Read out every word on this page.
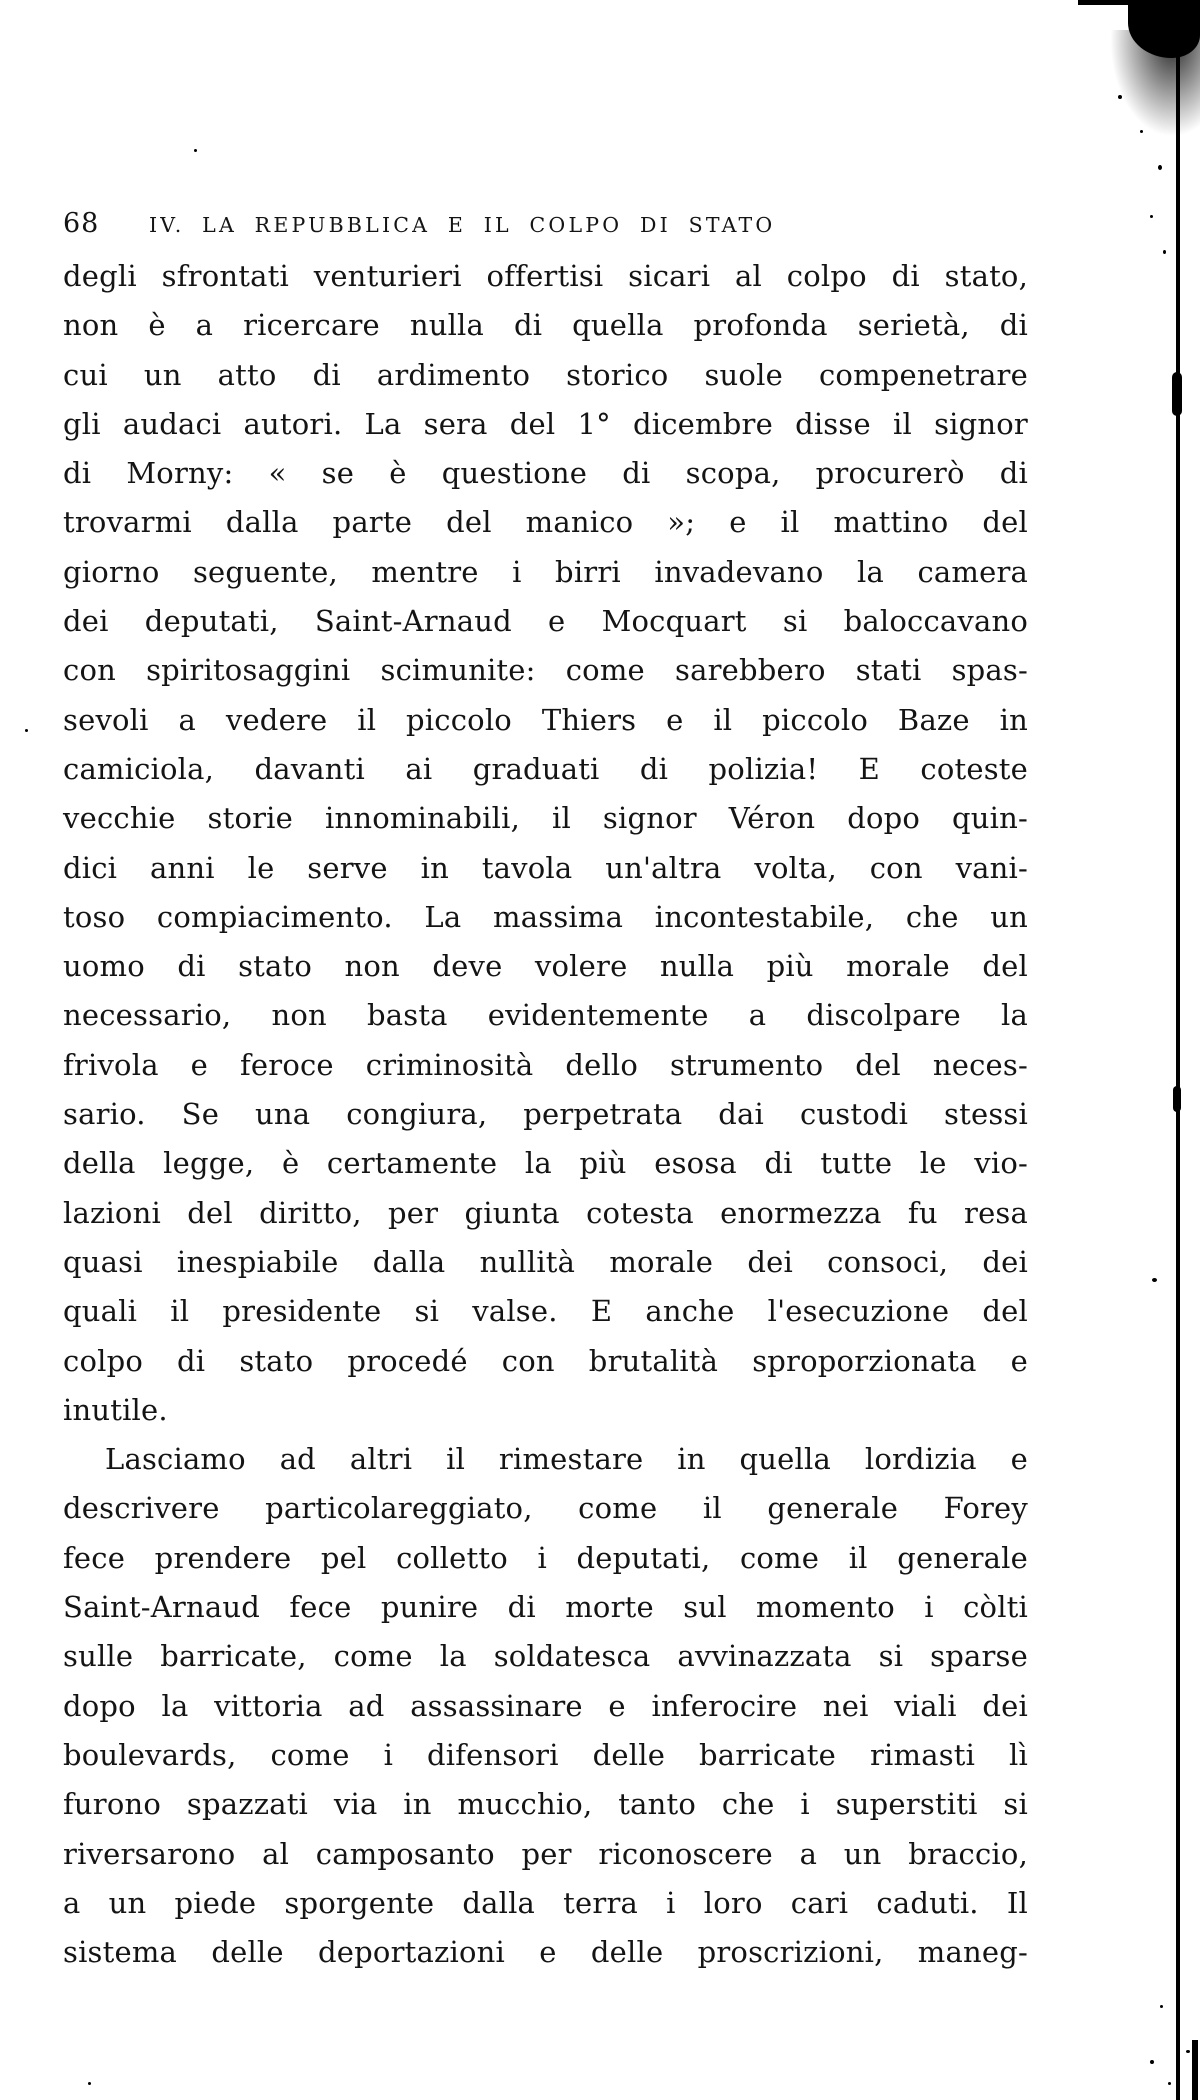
68 IV. LA REPUBBLICA E IL COLPO DI STATO
degli sfrontati venturieri offertisi sicari al colpo di stato,
non è a ricercare nulla di quella profonda serietà, di
cui un atto di ardimento storico suole compenetrare
gli audaci autori. La sera del 1° dicembre disse il signor
di Morny: « se è questione di scopa, procurerò di
trovarmi dalla parte del manico »; e il mattino del
giorno seguente, mentre i birri invadevano la camera
dei deputati, Saint-Arnaud e Mocquart si baloccavano
con spiritosaggini scimunite: come sarebbero stati spas-
sevoli a vedere il piccolo Thiers e il piccolo Baze in
camiciola, davanti ai graduati di polizia! E coteste
vecchie storie innominabili, il signor Véron dopo quin-
dici anni le serve in tavola un'altra volta, con vani-
toso compiacimento. La massima incontestabile, che un
uomo di stato non deve volere nulla più morale del
necessario, non basta evidentemente a discolpare la
frivola e feroce criminosità dello strumento del neces-
sario. Se una congiura, perpetrata dai custodi stessi
della legge, è certamente la più esosa di tutte le vio-
lazioni del diritto, per giunta cotesta enormezza fu resa
quasi inespiabile dalla nullità morale dei consoci, dei
quali il presidente si valse. E anche l'esecuzione del
colpo di stato procedé con brutalità sproporzionata e
inutile.
Lasciamo ad altri il rimestare in quella lordizia e
descrivere particolareggiato, come il generale Forey
fece prendere pel colletto i deputati, come il generale
Saint-Arnaud fece punire di morte sul momento i còlti
sulle barricate, come la soldatesca avvinazzata si sparse
dopo la vittoria ad assassinare e inferocire nei viali dei
boulevards, come i difensori delle barricate rimasti lì
furono spazzati via in mucchio, tanto che i superstiti si
riversarono al camposanto per riconoscere a un braccio,
a un piede sporgente dalla terra i loro cari caduti. Il
sistema delle deportazioni e delle proscrizioni, maneg-
